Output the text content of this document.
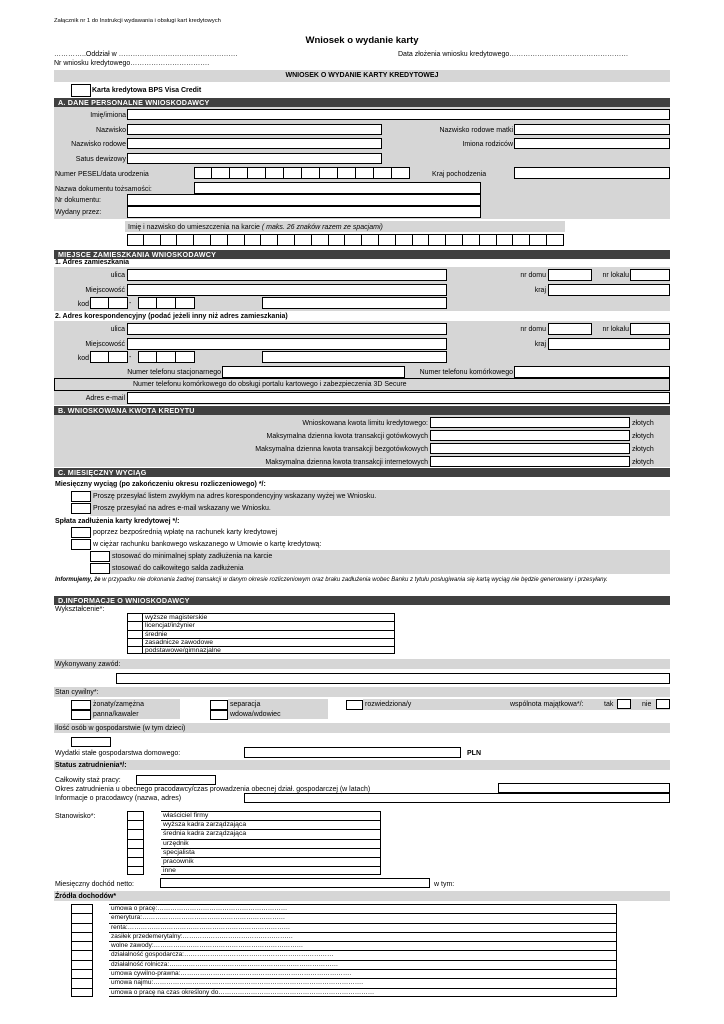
Załącznik nr 1 do Instrukcji wydawania i obsługi kart kredytowych
Wniosek o wydanie karty
…………..Oddział w ……………………………………………	Data złożenia wniosku kredytowego……………………………………………
Nr wniosku kredytowego…………………………….
WNIOSEK O WYDANIE KARTY KREDYTOWEJ
Karta kredytowa BPS Visa Credit
A. DANE PERSONALNE WNIOSKODAWCY
Imię/imiona
Nazwisko	Nazwisko rodowe matki
Nazwisko rodowe	Imiona rodziców
Satus dewizowy
Numer PESEL/data urodzenia	Kraj pochodzenia
Nazwa dokumentu tożsamości:
Nr dokumentu:
Wydany przez:
Imię i nazwisko do umieszczenia na karcie ( maks. 26 znaków razem ze spacjami)
MIEJSCE ZAMIESZKANIA WNIOSKODAWCY
1. Adres zamieszkania
ulica	nr domu	nr lokalu
Miejscowość	kraj
kod	-
2. Adres korespondencyjny (podać jeżeli inny niż adres zamieszkania)
ulica	nr domu	nr lokalu
Miejscowość	kraj
kod	-
Numer telefonu stacjonarnego	Numer telefonu komórkowego
Numer telefonu komórkowego do obsługi portalu kartowego i zabezpieczenia 3D Secure
Adres e-mail
B. WNIOSKOWANA KWOTA KREDYTU
Wnioskowana kwota limitu kredytowego:	złotych
Maksymalna dzienna kwota transakcji gotówkowych	złotych
Maksymalna dzienna kwota transakcji bezgotówkowych	złotych
Maksymalna dzienna kwota transakcji internetowych	złotych
C. MIESIĘCZNY WYCIĄG
Miesięczny wyciąg (po zakończeniu okresu rozliczeniowego) */:
Proszę przesyłać listem zwykłym na adres korespondencyjny wskazany wyżej we Wniosku.
Proszę przesyłać na adres e-mail wskazany we Wniosku.
Spłata zadłużenia karty kredytowej */:
poprzez bezpośrednią wpłatę na rachunek karty kredytowej
w ciężar rachunku bankowego wskazanego w Umowie o kartę kredytową:
stosować do minimalnej spłaty zadłużenia na karcie
stosować do całkowitego salda zadłużenia
Informujemy, że w przypadku nie dokonania żadnej transakcji w danym okresie rozliczeniowym oraz braku zadłużenia wobec Banku z tytułu posługiwania się kartą wyciąg nie będzie generowany i przesyłany.
D.INFORMACJE O WNIOSKODAWCY
Wykształcenie*:
wyższe magisterskie
licencjat/inżynier
średnie
zasadnicze zawodowe
podstawowe/gimnazjalne
Wykonywany zawód:
Stan cywilny*:
żonaty/zamężna
panna/kawaler
separacja
wdowa/wdowiec
rozwiedziona/y	wspólnota majątkowa*/:	tak	nie
Ilość osób w gospodarstwie (w tym dzieci)
Wydatki stałe gospodarstwa domowego:	PLN
Status zatrudnienia*/:
Całkowity staż pracy:
Okres zatrudnienia u obecnego pracodawcy/czas prowadzenia obecnej dział. gospodarczej (w latach)
Informacje o pracodawcy (nazwa, adres)
Stanowisko*:	właściciel firmy
wyższa kadra zarządzająca
średnia kadra zarządzająca
urzędnik
specjalista
pracownik
inne
Miesięczny dochód netto:	w tym:
Źródła dochodów*
umowa o pracę:……………………………………………………
emerytura:…………………………………………………………
renta:…………………………………………………………………
zasiłek przedemerytalny:……………………………………………
wolne zawody:……………………………………………………………
działalność gospodarcza:……………………………………………………………
działalność rolnicza:……………………………………………………………………
umowa cywilno-prawna:…………………………………………………………………….
umowa najmu:…………………………………………………………………………………….
umowa o pracę na czas określony do………………………………………………………………
